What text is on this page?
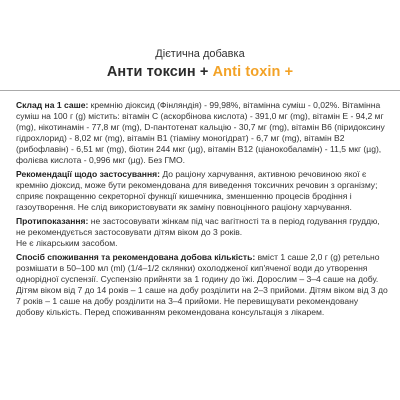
Дієтична добавка

Анти токсин + Anti toxin +

Склад на 1 саше: кремнію діоксид (Фінляндія) - 99,98%, вітамінна суміш - 0,02%. Вітамінна суміш на 100 г (g) містить: вітамін С (аскорбінова кислота) - 391,0 мг (mg), вітамін Е - 94,2 мг (mg), нікотинамін - 77,8 мг (mg), D-пантотенат кальцію - 30,7 мг (mg), вітамін В6 (піридоксину гідрохлорид) - 8,02 мг (mg), вітамін В1 (тіаміну моногідрат) - 6,7 мг (mg), вітамін В2 (рибофлавін) - 6,51 мг (mg), біотин 244 мкг (µg), вітамін В12 (ціанокобаламін) - 11,5 мкг (µg), фолієва кислота - 0,996 мкг (µg). Без ГМО.

Рекомендації щодо застосування: До раціону харчування, активною речовиною якої є кремнію діоксид, може бути рекомендована для виведення токсичних речовин з організму; сприяє покращенню секреторної функції кишечника, зменшенню процесів бродіння і газоутворення. Не слід використовувати як заміну повноцінного раціону харчування.

Протипоказання: не застосовувати жінкам під час вагітності та в період годування груддю, не рекомендується застосовувати дітям віком до 3 років.

Не є лікарським засобом.

Спосіб споживання та рекомендована добова кількість: вміст 1 саше 2,0 г (g) ретельно розмішати в 50–100 мл (ml) (1/4–1/2 склянки) охолодженої кип'яченої води до утворення однорідної суспензії. Суспензію прийняти за 1 годину до їжі. Дорослим – 3–4 саше на добу. Дітям віком від 7 до 14 років – 1 саше на добу розділити на 2–3 прийоми. Дітям віком від 3 до 7 років – 1 саше на добу розділити на 3–4 прийоми. Не перевищувати рекомендовану добову кількість. Перед споживанням рекомендована консультація з лікарем.
